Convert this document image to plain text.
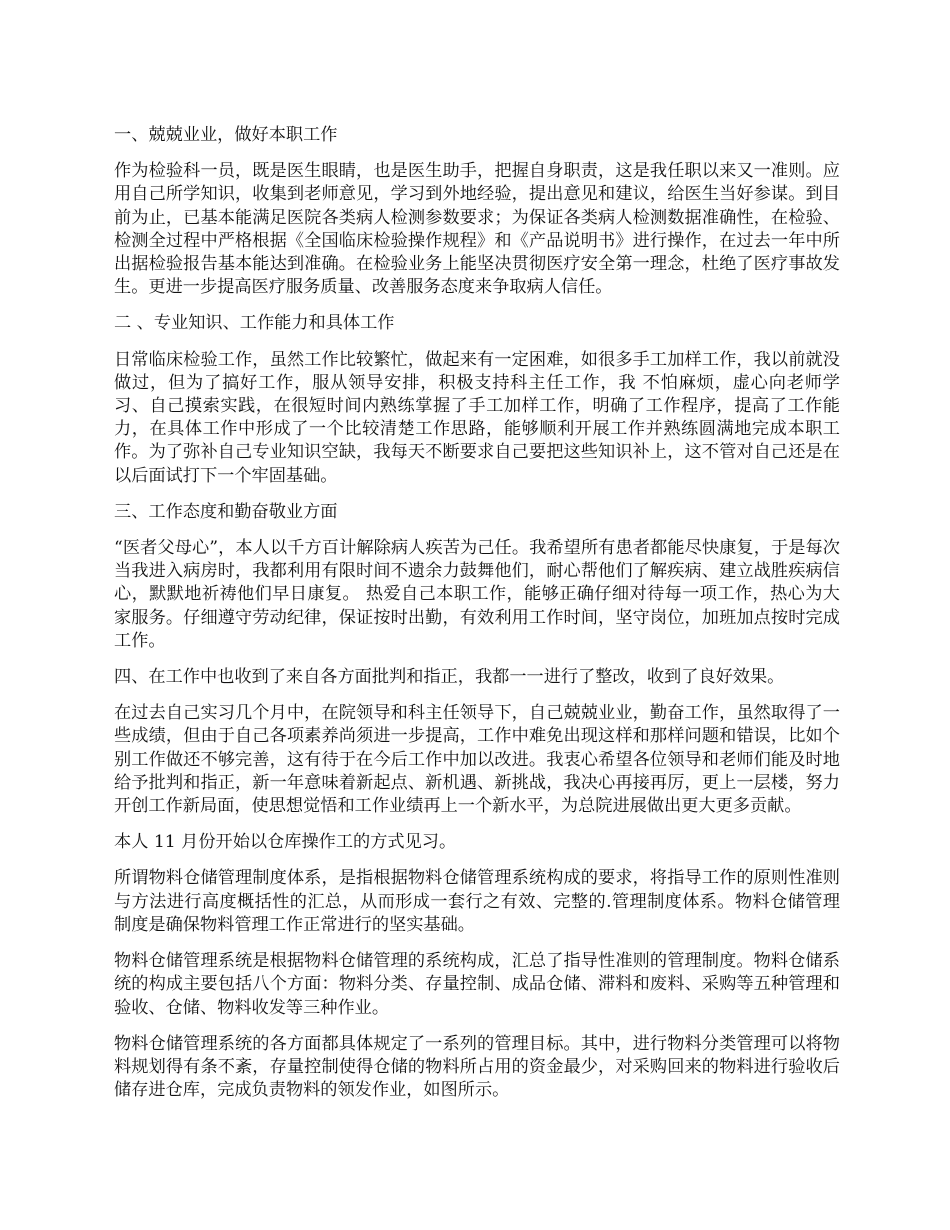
一、兢兢业业，做好本职工作
作为检验科一员，既是医生眼睛，也是医生助手，把握自身职责，这是我任职以来又一准则。应用自己所学知识，收集到老师意见，学习到外地经验，提出意见和建议，给医生当好参谋。到目前为止，已基本能满足医院各类病人检测参数要求；为保证各类病人检测数据准确性，在检验、检测全过程中严格根据《全国临床检验操作规程》和《产品说明书》进行操作，在过去一年中所出据检验报告基本能达到准确。在检验业务上能坚决贯彻医疗安全第一理念，杜绝了医疗事故发生。更进一步提高医疗服务质量、改善服务态度来争取病人信任。
二 、专业知识、工作能力和具体工作
日常临床检验工作，虽然工作比较繁忙，做起来有一定困难，如很多手工加样工作，我以前就没做过，但为了搞好工作，服从领导安排，积极支持科主任工作，我 不怕麻烦，虚心向老师学习、自己摸索实践，在很短时间内熟练掌握了手工加样工作，明确了工作程序，提高了工作能力，在具体工作中形成了一个比较清楚工作思路，能够顺利开展工作并熟练圆满地完成本职工作。为了弥补自己专业知识空缺，我每天不断要求自己要把这些知识补上，这不管对自己还是在以后面试打下一个牢固基础。
三、工作态度和勤奋敬业方面
“医者父母心”，本人以千方百计解除病人疾苦为己任。我希望所有患者都能尽快康复，于是每次当我进入病房时，我都利用有限时间不遗余力鼓舞他们，耐心帮他们了解疾病、建立战胜疾病信心，默默地祈祷他们早日康复。 热爱自己本职工作，能够正确仔细对待每一项工作，热心为大家服务。仔细遵守劳动纪律，保证按时出勤，有效利用工作时间，坚守岗位，加班加点按时完成工作。
四、在工作中也收到了来自各方面批判和指正，我都一一进行了整改，收到了良好效果。
在过去自己实习几个月中，在院领导和科主任领导下，自己兢兢业业，勤奋工作，虽然取得了一些成绩，但由于自己各项素养尚须进一步提高，工作中难免出现这样和那样问题和错误，比如个别工作做还不够完善，这有待于在今后工作中加以改进。我衷心希望各位领导和老师们能及时地给予批判和指正，新一年意味着新起点、新机遇、新挑战，我决心再接再厉，更上一层楼，努力开创工作新局面，使思想觉悟和工作业绩再上一个新水平，为总院进展做出更大更多贡献。
本人 11 月份开始以仓库操作工的方式见习。
所谓物料仓储管理制度体系，是指根据物料仓储管理系统构成的要求，将指导工作的原则性准则与方法进行高度概括性的汇总，从而形成一套行之有效、完整的.管理制度体系。物料仓储管理制度是确保物料管理工作正常进行的坚实基础。
物料仓储管理系统是根据物料仓储管理的系统构成，汇总了指导性准则的管理制度。物料仓储系统的构成主要包括八个方面：物料分类、存量控制、成品仓储、滞料和废料、采购等五种管理和验收、仓储、物料收发等三种作业。
物料仓储管理系统的各方面都具体规定了一系列的管理目标。其中，进行物料分类管理可以将物料规划得有条不紊，存量控制使得仓储的物料所占用的资金最少，对采购回来的物料进行验收后储存进仓库，完成负责物料的领发作业，如图所示。
